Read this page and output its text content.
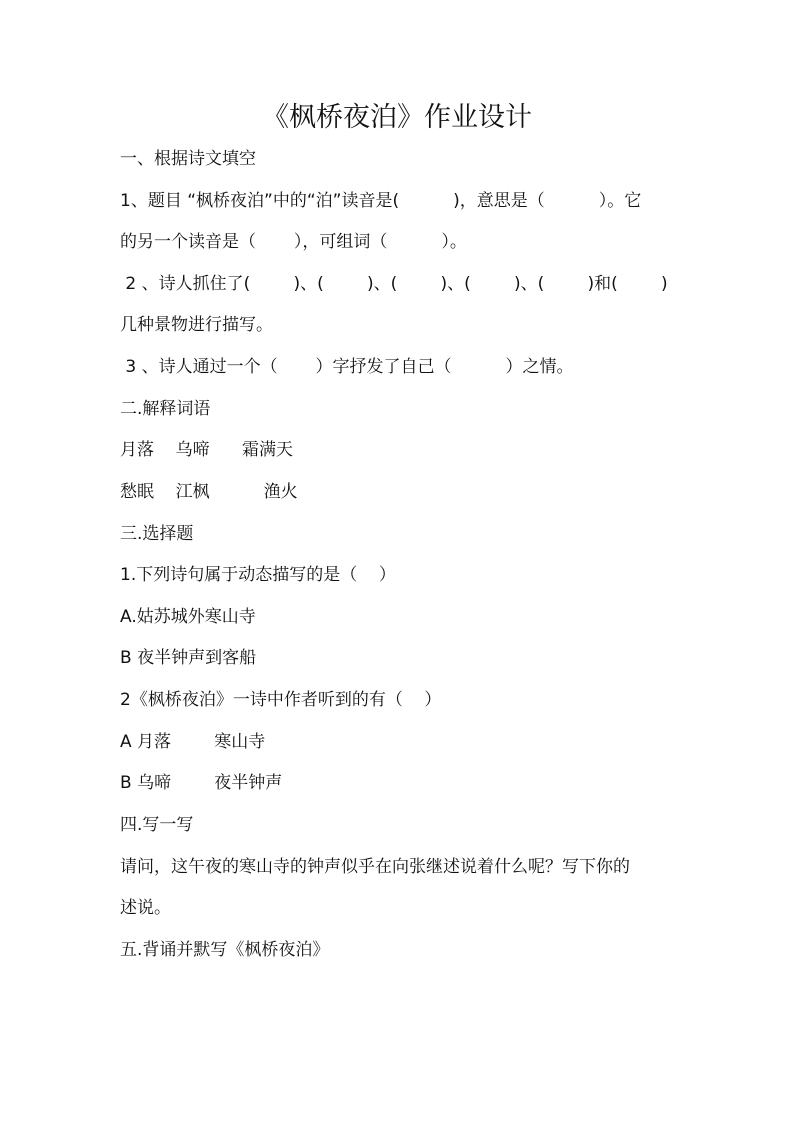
《枫桥夜泊》作业设计
一、根据诗文填空
1、题目 “枫桥夜泊”中的“泊”读音是(          )，意思是（          ）。它
的另一个读音是（       ），可组词（          ）。
2 、诗人抓住了(        )、(        )、(        )、(        )、(        )和(        )
几种景物进行描写。
3 、诗人通过一个（       ）字抒发了自己（          ）之情。
二.解释词语
月落    乌啼      霜满天
愁眠    江枫          渔火
三.选择题
1.下列诗句属于动态描写的是（    ）
A.姑苏城外寒山寺
B 夜半钟声到客船
2《枫桥夜泊》一诗中作者听到的有（    ）
A 月落        寒山寺
B 乌啼        夜半钟声
四.写一写
请问，这午夜的寒山寺的钟声似乎在向张继述说着什么呢？写下你的
述说。
五.背诵并默写《枫桥夜泊》
